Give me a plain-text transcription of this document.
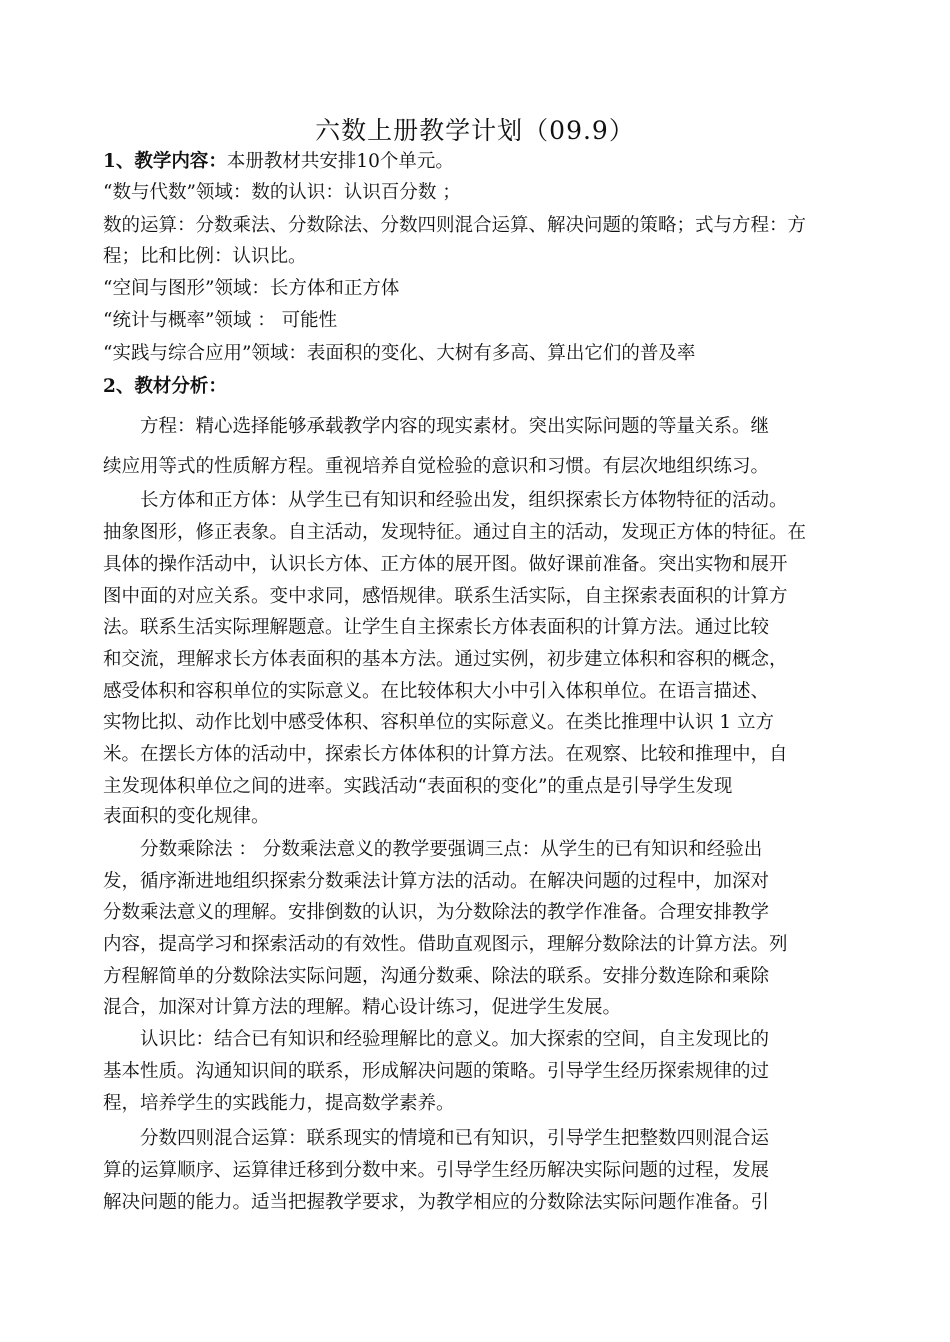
六数上册教学计划（09.9）
1、教学内容：本册教材共安排10个单元。
“数与代数”领域：数的认识：认识百分数 ；
数的运算：分数乘法、分数除法、分数四则混合运算、解决问题的策略；式与方程：方
程；比和比例：认识比。
“空间与图形”领域：长方体和正方体
“统计与概率”领域 ： 可能性
“实践与综合应用”领域：表面积的变化、大树有多高、算出它们的普及率
2、教材分析：
方程：精心选择能够承载教学内容的现实素材。突出实际问题的等量关系。继
续应用等式的性质解方程。重视培养自觉检验的意识和习惯。有层次地组织练习。
长方体和正方体：从学生已有知识和经验出发，组织探索长方体物特征的活动。
抽象图形，修正表象。自主活动，发现特征。通过自主的活动，发现正方体的特征。在
具体的操作活动中，认识长方体、正方体的展开图。做好课前准备。突出实物和展开
图中面的对应关系。变中求同，感悟规律。联系生活实际，自主探索表面积的计算方
法。联系生活实际理解题意。让学生自主探索长方体表面积的计算方法。通过比较
和交流，理解求长方体表面积的基本方法。通过实例，初步建立体积和容积的概念，
感受体积和容积单位的实际意义。在比较体积大小中引入体积单位。在语言描述、
实物比拟、动作比划中感受体积、容积单位的实际意义。在类比推理中认识 1 立方
米。在摆长方体的活动中，探索长方体体积的计算方法。在观察、比较和推理中，自
主发现体积单位之间的进率。实践活动“表面积的变化”的重点是引导学生发现
表面积的变化规律。
分数乘除法 ： 分数乘法意义的教学要强调三点：从学生的已有知识和经验出
发，循序渐进地组织探索分数乘法计算方法的活动。在解决问题的过程中，加深对
分数乘法意义的理解。安排倒数的认识，为分数除法的教学作准备。合理安排教学
内容，提高学习和探索活动的有效性。借助直观图示，理解分数除法的计算方法。列
方程解简单的分数除法实际问题，沟通分数乘、除法的联系。安排分数连除和乘除
混合，加深对计算方法的理解。精心设计练习，促进学生发展。
认识比：结合已有知识和经验理解比的意义。加大探索的空间，自主发现比的
基本性质。沟通知识间的联系，形成解决问题的策略。引导学生经历探索规律的过
程，培养学生的实践能力，提高数学素养。
分数四则混合运算：联系现实的情境和已有知识，引导学生把整数四则混合运
算的运算顺序、运算律迁移到分数中来。引导学生经历解决实际问题的过程，发展
解决问题的能力。适当把握教学要求，为教学相应的分数除法实际问题作准备。引
